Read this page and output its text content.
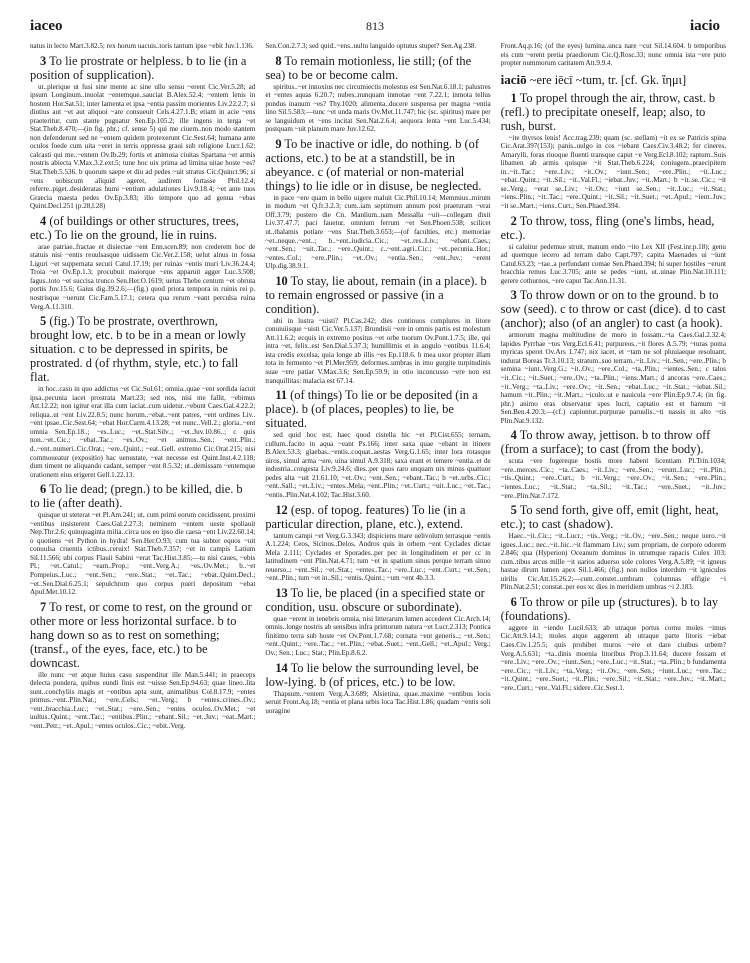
iaceo	813	iacio

natus in lecto Mart.3.82.5; rex horum uacuis..toris tantum ipse ~ebit Juv.1.136.

3 To lie prostrate or helpless. b to lie (in a position of supplication).

ut..plerique ut fusi sine mente ac sine ullo sensu ~erent Cic.Ver.5.28; ad ipsum Longinum..inuolat ~entemque..sauciat B.Alex.52.4; ~entem lenis in hostem Hor.Sat.51; inter lamenta et ipsa ~entia passim morientes Liv.22.2.7; si diutius aut ~et aut aliquoi ~are consueuit Cels.4.27.1.B; etiam in acie ~ens praeteritur, cum stante pugnatur Sen.Ep.105.2; ille ingens in terga ~et Stat.Theb.8.470;—(in fig. phr.; cf. sense 5) qui me ciuem..non modo stantem non defenderunt sed ne ~entem quidem protexerunt Cic.Sest.64; humana ante oculos foede cum uita ~eret in terris oppressa graui sub religione Lucr.1.62; calcasti qui me..~entem Ov.Ib.29; fortis et animosa ciuitas Spartana ~et armis nostris abiecta V.Max.3.2.ext.5; tune hoc uix prima ad limina uitae hoste ~es? Stat.Theb.5.536. b quorum saepe et diu ad pedes ~uit stratus Cic.Quinct.96; si ~ens uobiscum aliquid ageret, audirem fortasse Phil.12.4; referre..piget..desideratas humi ~entium adulationes Liv.9.18.4; ~et ante tuos Graecia maesta pedes Ov.Ep.3.83; illo tempore quo ad genua ~ebas Quint.Decl.251 (p.28,l.28)

4 (of buildings or other structures, trees, etc.) To lie on the ground, lie in ruins.

arae patriae..fractae et disiectae ~ent Enn.scen.89; non crederem hoc de statuis nisi ~entis reuulsasque uidissem Cic.Ver.2.158; uelut alnus in fossa Liguri ~et suppernata securi Catul.17.19; per ruinas ~entis muri Liv.36.24.4; Troia ~et Ov.Ep.1.3; procubuit maiorque ~ens apparuit agger Luc.3.508; fagus..toto ~et succisa trunco Sen.Her.O.1619; uetus Thebe centum ~et obruta portis Juv.15.6; Gaius dig.39.2.6;—(fig.) quod priora tempora in ruinis rei p. nostrisque ~uerunt Cic.Fam.5.17.1; cetera qua rerum ~eant perculsa ruina Verg.A.11.310.

5 (fig.) To be prostrate, overthrown, brought low, etc. b to be in a mean or lowly situation. c to be depressed in spirits, be prostrated. d (of rhythm, style, etc.) to fall flat.

in hoc..casu in quo addictus ~et Cic.Sul.61; omnia..quae ~ent sordida iacuit ipsa..pecunia iacet prostrata Mart.23; sed nos, nisi me fallit, ~ebimus Att.12.22; non igitur erat illa cum iaciat..cum uidetur..~ebunt Caes.Gal.4.22.2; reliqua..ut ~ent Liv.22.8.5; nunc horum..~ebat..~ent patres, ~ent ordines Liv.. ~ent ipsae..Cic.Sest.64; ~ebat Hor.Carm.4.13.28; ~et nunc..Vell.2.; gloria..~ent omnia Sen.Ep.18..; ~es..Luc.; ~et..Stat.Silv..; ~et..Juv.10.86..; c quis non..~et..Cic.; ~ebat..Tac.; ~es..Ov.; ~et animus..Sen.; ~ent..Plin.; d..~ent..numeri..Cic.Orat.; ~ere..Quint.; ~eat..Gell. extremo Cic.Orat.215; nisi commoueatur (expositio) hac uenustate, ~eat necesse est Quint.Inst.4.2.118; dum timent ne aliquando cadant, semper ~ent 8.5.32; ut..demissam ~entemque orationem eius erigeret Gell.1.22.13.

6 To lie dead; (pregn.) to be killed, die. b to lie (after death).

quisque ut steterat ~et Pl.Am.241; ut, cum primi eorum cecidissent, proximi ~entibus insisterent Caes.Gal.2.27.3; neminem ~entem ueste spoliauit Nep.Thr.2.6; quinquaginta milia..circa uos eo ipso die caesa ~ent Liv.22.60.14; o quotiens ~et Python in hydra! Sen.Her.O.93; cum tua subter equos ~uit conuulsa cruentis ictibus..ceruix! Stat.Theb.7.357; ~et in campis Latium Sil.11.566; ubi corpus Flauii Sabini ~erat Tac.Hist.3.85;—tu nisi caues, ~ebis Pl.; ~et..Catul.; ~eam..Prop.; ~ent..Verg.A.; ~es..Ov.Met.; b..~et Pompeius..Luc.; ~ent..Sen.; ~ere..Stat.; ~et..Tac.; ~ebat..Quint.Decl.; ~et..Sen.Dial.6.25.1; sepulchrum quo corpus pueri depositum ~ebat Apul.Met.10.12.

7 To rest, or come to rest, on the ground or other more or less horizontal surface. b to hang down so as to rest on something; (transf., of the eyes, face, etc.) to be downcast.

ille nunc ~et atque huius casu suspenditur ille Man.5.441; in praeceps delecta pondera, quibus eundi finis est ~uisse Sen.Ep.94.63; quae lineo..lita sunt..conchyliis magis et ~entibus apta sunt, animalibus Col.8.17.9; ~entes primus..~ent..Plin.Nat.; ~ere..Cels.; ~et..Verg.; b ~entes..crines..Ov.; ~ent..bracchia..Luc.; ~et..Stat.; ~ere..Sen.; ~entes oculos..Ov.Met.; ~et uultus..Quint.; ~ent..Tac.; ~entibus..Plin.; ~ebant..Sil.; ~et..Juv.; ~eat..Mart.; ~ent..Petr.; ~et..Apul.; ~entes oculos..Cic.; ~ebit..Verg.

Sen.Con.2.7.3; sed quid..~ens..uultu languido optutus stupet? Sen.Ag.238.

8 To remain motionless, lie still; (of the sea) to be or become calm.

spiritus..~et innoxius nec circumiectis molestus est Sen.Nat.6.18.1; palustres et ~entes aquas 6.20.7; nubes..nunquam inmotae ~ent 7.22.1; inmota tellus pondus inanum ~es? Thy.1020; alimenta..ducere suspensa per magna ~entia lino Sil.5.583;—tunc ~et unda maris Ov.Met.11.747; hic (sc. spiritus) mare per se languidum et ~ens incitat Sen.Nat.2.6.4; aequora lenta ~ent Luc.5.434; postquam ~uit planum mare Juv.12.62.

9 To be inactive or idle, do nothing. b (of actions, etc.) to be at a standstill, be in abeyance. c (of material or non-material things) to lie idle or in disuse, be neglected.

in pace ~ere quam in bello uigere maluit Cic.Phil.10.14; Memmius..mirum in modum ~et Q.fr.3.2.3; cum..iam septimum annum post praeturam ~erat Off.3.79; postero die Cn. Manlium..nam Messalla ~uit—collegam dixit Liv.37.47.7; paci fauetur, omnium ferrum ~et Sen.Phoen.538; scilicet ut..thalamis potiare ~ens Stat.Theb.3.653;—(of faculties, etc.) memoriae ~et..neque..~ent..; b..~ent..iudicia..Cic.; ~et..res..Liv.; ~ebant..Caes.; ~ent..Sen.; ~uit..Tac.; ~ere..Quint.; c..~ent..agri..Cic.; ~et..pecunia..Hor.; ~entes..Col.; ~ere..Plin.; ~et..Ov.; ~entia..Sen.; ~ent..Juv.; ~erent Ulp.dig.38.9.1.

10 To stay, lie about, remain (in a place). b to remain engrossed or passive (in a condition).

ubi in lustra ~uisti? Pl.Cas.242; dies continuos complures in litore conuiuiisque ~uisti Cic.Ver.5.137; Brundisii ~ere in omnis partis est molestum Att.11.6.2; ecquis in extremo positus ~et orbe tuorum Ov.Pont.1.7.5; ille, qui intra ~et, felix..est Sen.Dial.5.37.3; humillimis et in angulo ~entibus 11.6.4; ista credis excelsa, quia longe ab illis ~es Ep.118.6. b mea uxor propter illam tota in fermento ~et Pl.Mer.959; deformes..umbras in imo gurgite turpitudinis suae ~ere patiar V.Max.3.6; Sen.Ep.59.9; in otio inconcusso ~ere non est tranquillitas: malacia est 67.14.

11 (of things) To lie or be deposited (in a place). b (of places, peoples) to lie, be situated.

sed quid hoc est, haec quod cistella hic ~et Pl.Cist.655; ternam, cullum..facito in aqua ~eant Ps.166; inter saxa quae ~ebant in itinere B.Alex.53.3; glaebas..~entis..coquat..aestas Verg.G.1.65; inter lora rotasque uiros, simul arma ~ere, uina simul A.9.318; saxa erant et temere ~entia..et de industria..congesta Liv.9.24.6; dies..per quos raro unquam nix minus quattuor pedes alta ~uit 21.61.10; ~et..Ov.; ~ent..Sen.; ~ebant..Tac.; b ~et..urbs..Cic.; ~ent..Sall.; ~et..Liv.; ~entes..Mela; ~ent..Plin.; ~et..Curt.; ~uit..Luc.; ~et..Tac.; ~entis..Plin.Nat.4.102; Tac.Hist.3.60.

12 (esp. of topog. features) To lie (in a particular direction, plane, etc.), extend.

tantum campi ~et Verg.G.3.343; dispiciens mare uelivolum terrasque ~entis A.1.224; Ceos, Sicinos..Delos, Andros quis in orbem ~ent Cyclades dictae Mela 2.111; Cyclades et Sporades..per pec in longitudinem et per cc in latitudinem ~ent Plin.Nat.4.71; tum ~et in spatium sinus perque terram sinuo reuerso..; ~ent..Sil.; ~et..Stat.; ~entes..Tac.; ~ere..Luc.; ~ent..Curt.; ~et..Sen.; ~ent..Plin.; tum ~et in..Sil.; ~entis..Quint.; ~um ~ent 4b.3.3.

13 To lie, be placed (in a specified state or condition, usu. obscure or subordinate).

quae ~erent in tenebris omnia, nisi litterarum lumen accederet Cic.Arch.14; omnis..longe nostris ab sensibus infra primorum natura ~et Lucr.2.313; Pontica finitimo terra sub hoste ~et Ov.Pont.1.7.68; cornata ~ent generis..; ~et..Sen.; ~ent..Quint.; ~ere..Tac.; ~et..Plin.; ~ebat..Suet.; ~ent..Gell.; ~et..Apul.; Verg.; Ov.; Sen.; Luc.; Stat.; Plin.Ep.8.6.2.

14 To lie below the surrounding level, be low-lying. b (of prices, etc.) to be low.

Thapsum..~entem Verg.A.3.689; Alsietina, quae..maxime ~entibus locis seruit Front.Aq.18; ~entia et plana urbis loca Tac.Hist.1.86; quadam ~entis soli uoragine

Front.Aq.p.16; (of the eyes) lumina..unca nare ~cut Sil.14.604. b temporibus eis cum ~erent pretia praediorum Cic.Q.Rosc.33; nunc omnia ista ~ere puto propter nummorum caritatem Att.9.9.4.

iaciō ~ere iēcī ~tum, tr. [cf. Gk. ἵημι]

1 To propel through the air, throw, cast. b (refl.) to precipitate oneself, leap; also, to rush, burst.

~ite thyrsos lenis! Acc.trag.239; quam (sc. stellam) ~it ex se Patricis spina Cic.Arat.397(153); panis..uulgo in cos ~iebant Caes.Civ.3.48.2; fer cineres, Amarylli, foras riuoque fluenti transque caput ~e Verg.Ecl.8.102; raptum..Suis libamen ab armis quisque ~it Stat.Theb.6.224; coniugem..praecipitem in..~it..Tac.; ~ere..Liv.; ~it..Ov.; ~iunt..Sen.; ~ere..Plin.; ~it..Luc.; ~ebat..Quint.; ~it..Sil.; ~it..Val.Fl.; ~iebat..Juv.; ~it..Mart.; b ~it..se..Cic.; ~it se..Verg.; ~erat se..Liv.; ~it..Ov.; ~iunt se..Sen.; ~it..Luc.; ~it..Stat.; ~iens..Plin.; ~it..Tac.; ~ere..Quint.; ~it..Sil.; ~it..Suet.; ~et..Apul.; ~ient..Juv.; ~it se..Mart.; ~iens..Curt.; Sen.Phaed.394.

2 To throw, toss, fling (one's limbs, head, etc.).

si caluitur pedemue struit, manum endo ~ito Lex XII (Fest.inr.p.18); genu ad quemque iecero ad terram dabo Capt.797; capita Maenades ui ~iunt Catul.63.23; ~tae..a perfundant comae Sen.Phaed.394; hi super hostiles ~erunt bracchia remos Luc.3.705; ante se pedes ~iunt, ut..uinae Plin.Nat.10.111; gerere cothurnos, ~ere caput Tac.Ann.11.31.

3 To throw down or on to the ground. b to sow (seed). c to throw or cast (dice). d to cast (anchor); also (of an angler) to cast (a hook).

armorum magna multitudine de muro in fossam..~ta Caes.Gal.2.32.4; lapides Pyrrhae ~tos Verg.Ecl.6.41; purpureos..~it flores A.5.79; ~turas poma myricas speret Ov.Ars 1.747; nix iacet, et ~tam ne sol pluuiaeque resoluant, indurat Boreas Tr.3.10.13; stratum..suo terram..~it..Liv.; ~it..Sen.; ~ere..Plin.; b semina ~iunt..Verg.G.; ~it..Ov.; ~ere..Col.; ~ta..Plin.; ~ientes..Sen.; c talos ~it..Cic.; ~it..Suet.; ~ere..Ov.; ~ta..Plin.; ~iens..Mart.; d ancoras ~ere..Caes.; ~it..Verg.; ~ta..Liv.; ~ere..Ov.; ~it..Sen.; ~ebat..Luc.; ~it..Stat.; ~iebat..Sil.; hamum ~it..Plin.; ~it..Mart.; ~iculo..ut e nauicula ~ere Plin.Ep.9.7.4; (in fig. phr.) animo eras observatur spes lucri, captatio est et hamum ~it Sen.Ben.4.20.3;—(cf.) capiuntur..purpurae paruulis..~ti nassis in alto ~tis Plin.Nat.9.132.

4 To throw away, jettison. b to throw off (from a surface); to cast (from the body).

scuta ~ere fugereque hostis more habent licentiam Pl.Trin.1034; ~ere..merces..Cic.; ~ta..Caes.; ~it..Liv.; ~ere..Sen.; ~erunt..Luc.; ~it..Plin.; ~tis..Quint.; ~ere..Curt.; b ~it..Verg.; ~ere..Ov.; ~it..Sen.; ~ere..Plin.; ~ientes..Luc.; ~it..Stat.; ~ta..Sil.; ~it..Tac.; ~ere..Suet.; ~it..Juv.; ~ere..Plin.Nat.7.172.

5 To send forth, give off, emit (light, heat, etc.); to cast (shadow).

Haec..~it..Cic.; ~it..Lucr.; ~tis..Verg.; ~it..Ov.; ~ere..Sen.; neque uero..~it ignes..Luc.; nec..~it..hic..~it flammam Liv.; sum propriam, de corpore odorem 2.846; qua (Hyperion) Oceanum dominus in utrumque rapacis Culex 103; cum..tibus arcus mille ~it uarios aduerso sole colores Verg.A.5.89; ~it igneus hastae dirum lumen apex Sil.1.466; (fig.) non nullos interdum ~it igniculos uirilis Cic.Att.15.26.2;—cum..constet..umbram columnas effigie ~i Plin.Nat.2.51; constat..per eos xc dies in meridiem umbras ~i 2.183.

6 To throw or pile up (structures). b to lay (foundations).

aggere in ~iendo Lucil.633; ab utraque portus cornu moles ~imus Cic.Att.9.14.1; moles atque aggerem ab utraque parte litoris ~iebat Caes.Civ.1.25.5; quis prohibet muros ~ere et dare ciuibus urbem? Verg.A.5.631; ~ta..dinis moenia litoribus Prop.3.11.64; ducere fossam et ~ere..Liv.; ~ere..Ov.; ~iunt..Sen.; ~ere..Luc.; ~it..Stat.; ~ta..Plin.; b fundamenta ~ere..Cic.; ~it..Liv.; ~ta..Verg.; ~it..Ov.; ~ere..Sen.; ~iunt..Luc.; ~ere..Tac.; ~it..Quint.; ~ere..Suet.; ~it..Plin.; ~ere..Sil.; ~it..Stat.; ~ere..Juv.; ~it..Mart.; ~ere..Curt.; ~ere..Val.Fl.; sidere..Cic.Sest.1.
